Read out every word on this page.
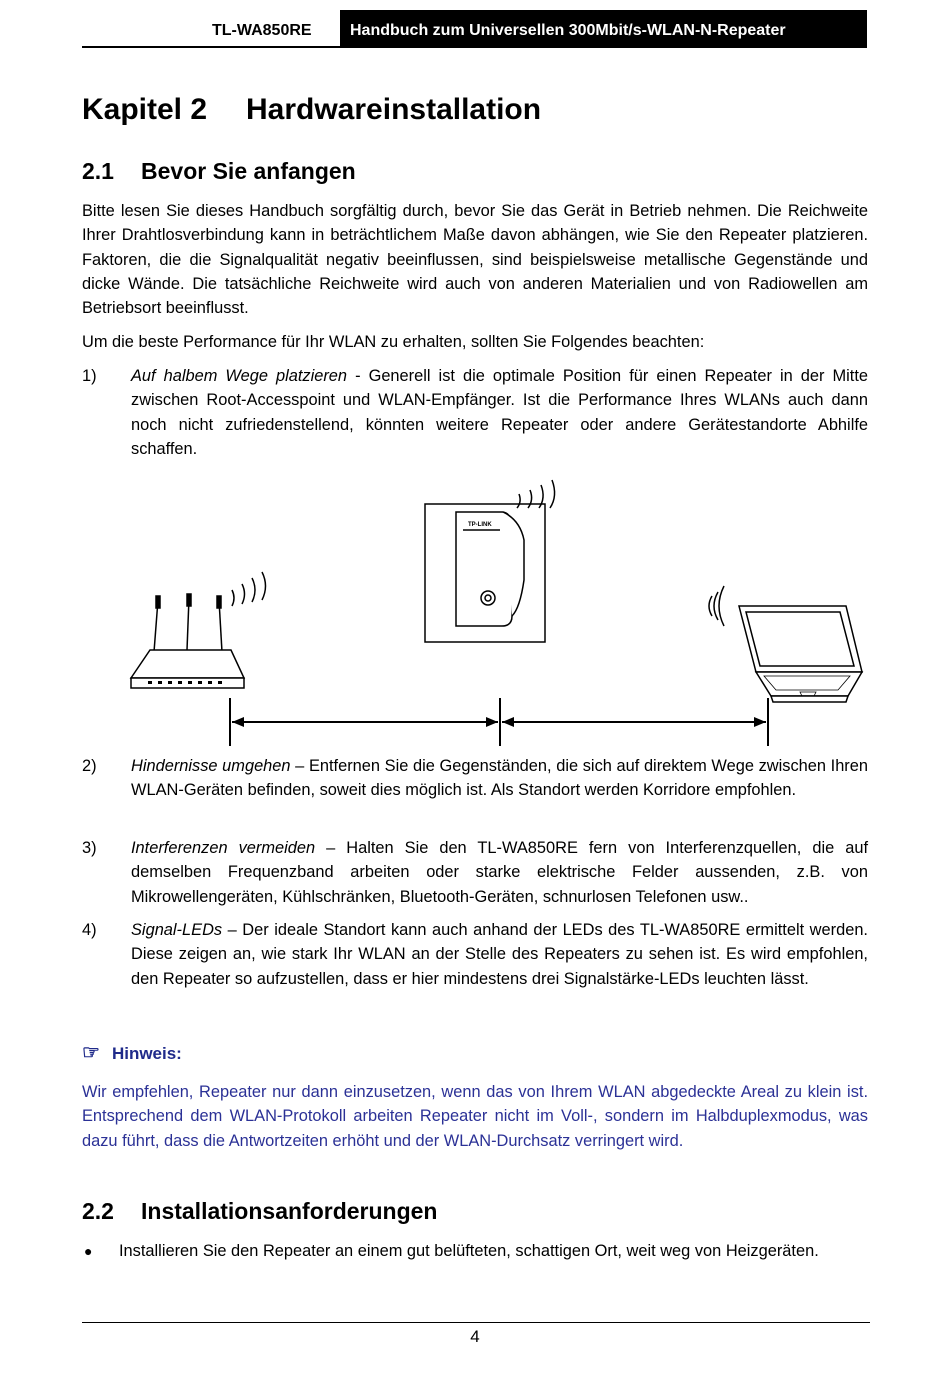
TL-WA850RE Handbuch zum Universellen 300Mbit/s-WLAN-N-Repeater
Kapitel 2 Hardwareinstallation
2.1 Bevor Sie anfangen

Bitte lesen Sie dieses Handbuch sorgfältig durch, bevor Sie das Gerät in Betrieb nehmen. Die Reichweite Ihrer Drahtlosverbindung kann in beträchtlichem Maße davon abhängen, wie Sie den Repeater platzieren. Faktoren, die die Signalqualität negativ beeinflussen, sind beispielsweise metallische Gegenstände und dicke Wände. Die tatsächliche Reichweite wird auch von anderen Materialien und von Radiowellen am Betriebsort beeinflusst.

Um die beste Performance für Ihr WLAN zu erhalten, sollten Sie Folgendes beachten:

1) Auf halbem Wege platzieren - Generell ist die optimale Position für einen Repeater in der Mitte zwischen Root-Accesspoint und WLAN-Empfänger. Ist die Performance Ihres WLANs auch dann noch nicht zufriedenstellend, könnten weitere Repeater oder andere Gerätestandorte Abhilfe schaffen.
TP-LINK
2) Hindernisse umgehen – Entfernen Sie die Gegenständen, die sich auf direktem Wege zwischen Ihren WLAN-Geräten befinden, soweit dies möglich ist. Als Standort werden Korridore empfohlen.
3) Interferenzen vermeiden – Halten Sie den TL-WA850RE fern von Interferenzquellen, die auf demselben Frequenzband arbeiten oder starke elektrische Felder aussenden, z.B. von Mikrowellengeräten, Kühlschränken, Bluetooth-Geräten, schnurlosen Telefonen usw..
4) Signal-LEDs – Der ideale Standort kann auch anhand der LEDs des TL-WA850RE ermittelt werden. Diese zeigen an, wie stark Ihr WLAN an der Stelle des Repeaters zu sehen ist. Es wird empfohlen, den Repeater so aufzustellen, dass er hier mindestens drei Signalstärke-LEDs leuchten lässt.
☞ Hinweis:

Wir empfehlen, Repeater nur dann einzusetzen, wenn das von Ihrem WLAN abgedeckte Areal zu klein ist. Entsprechend dem WLAN-Protokoll arbeiten Repeater nicht im Voll-, sondern im Halbduplexmodus, was dazu führt, dass die Antwortzeiten erhöht und der WLAN-Durchsatz verringert wird.

2.2 Installationsanforderungen
● Installieren Sie den Repeater an einem gut belüfteten, schattigen Ort, weit weg von Heizgeräten.
4
